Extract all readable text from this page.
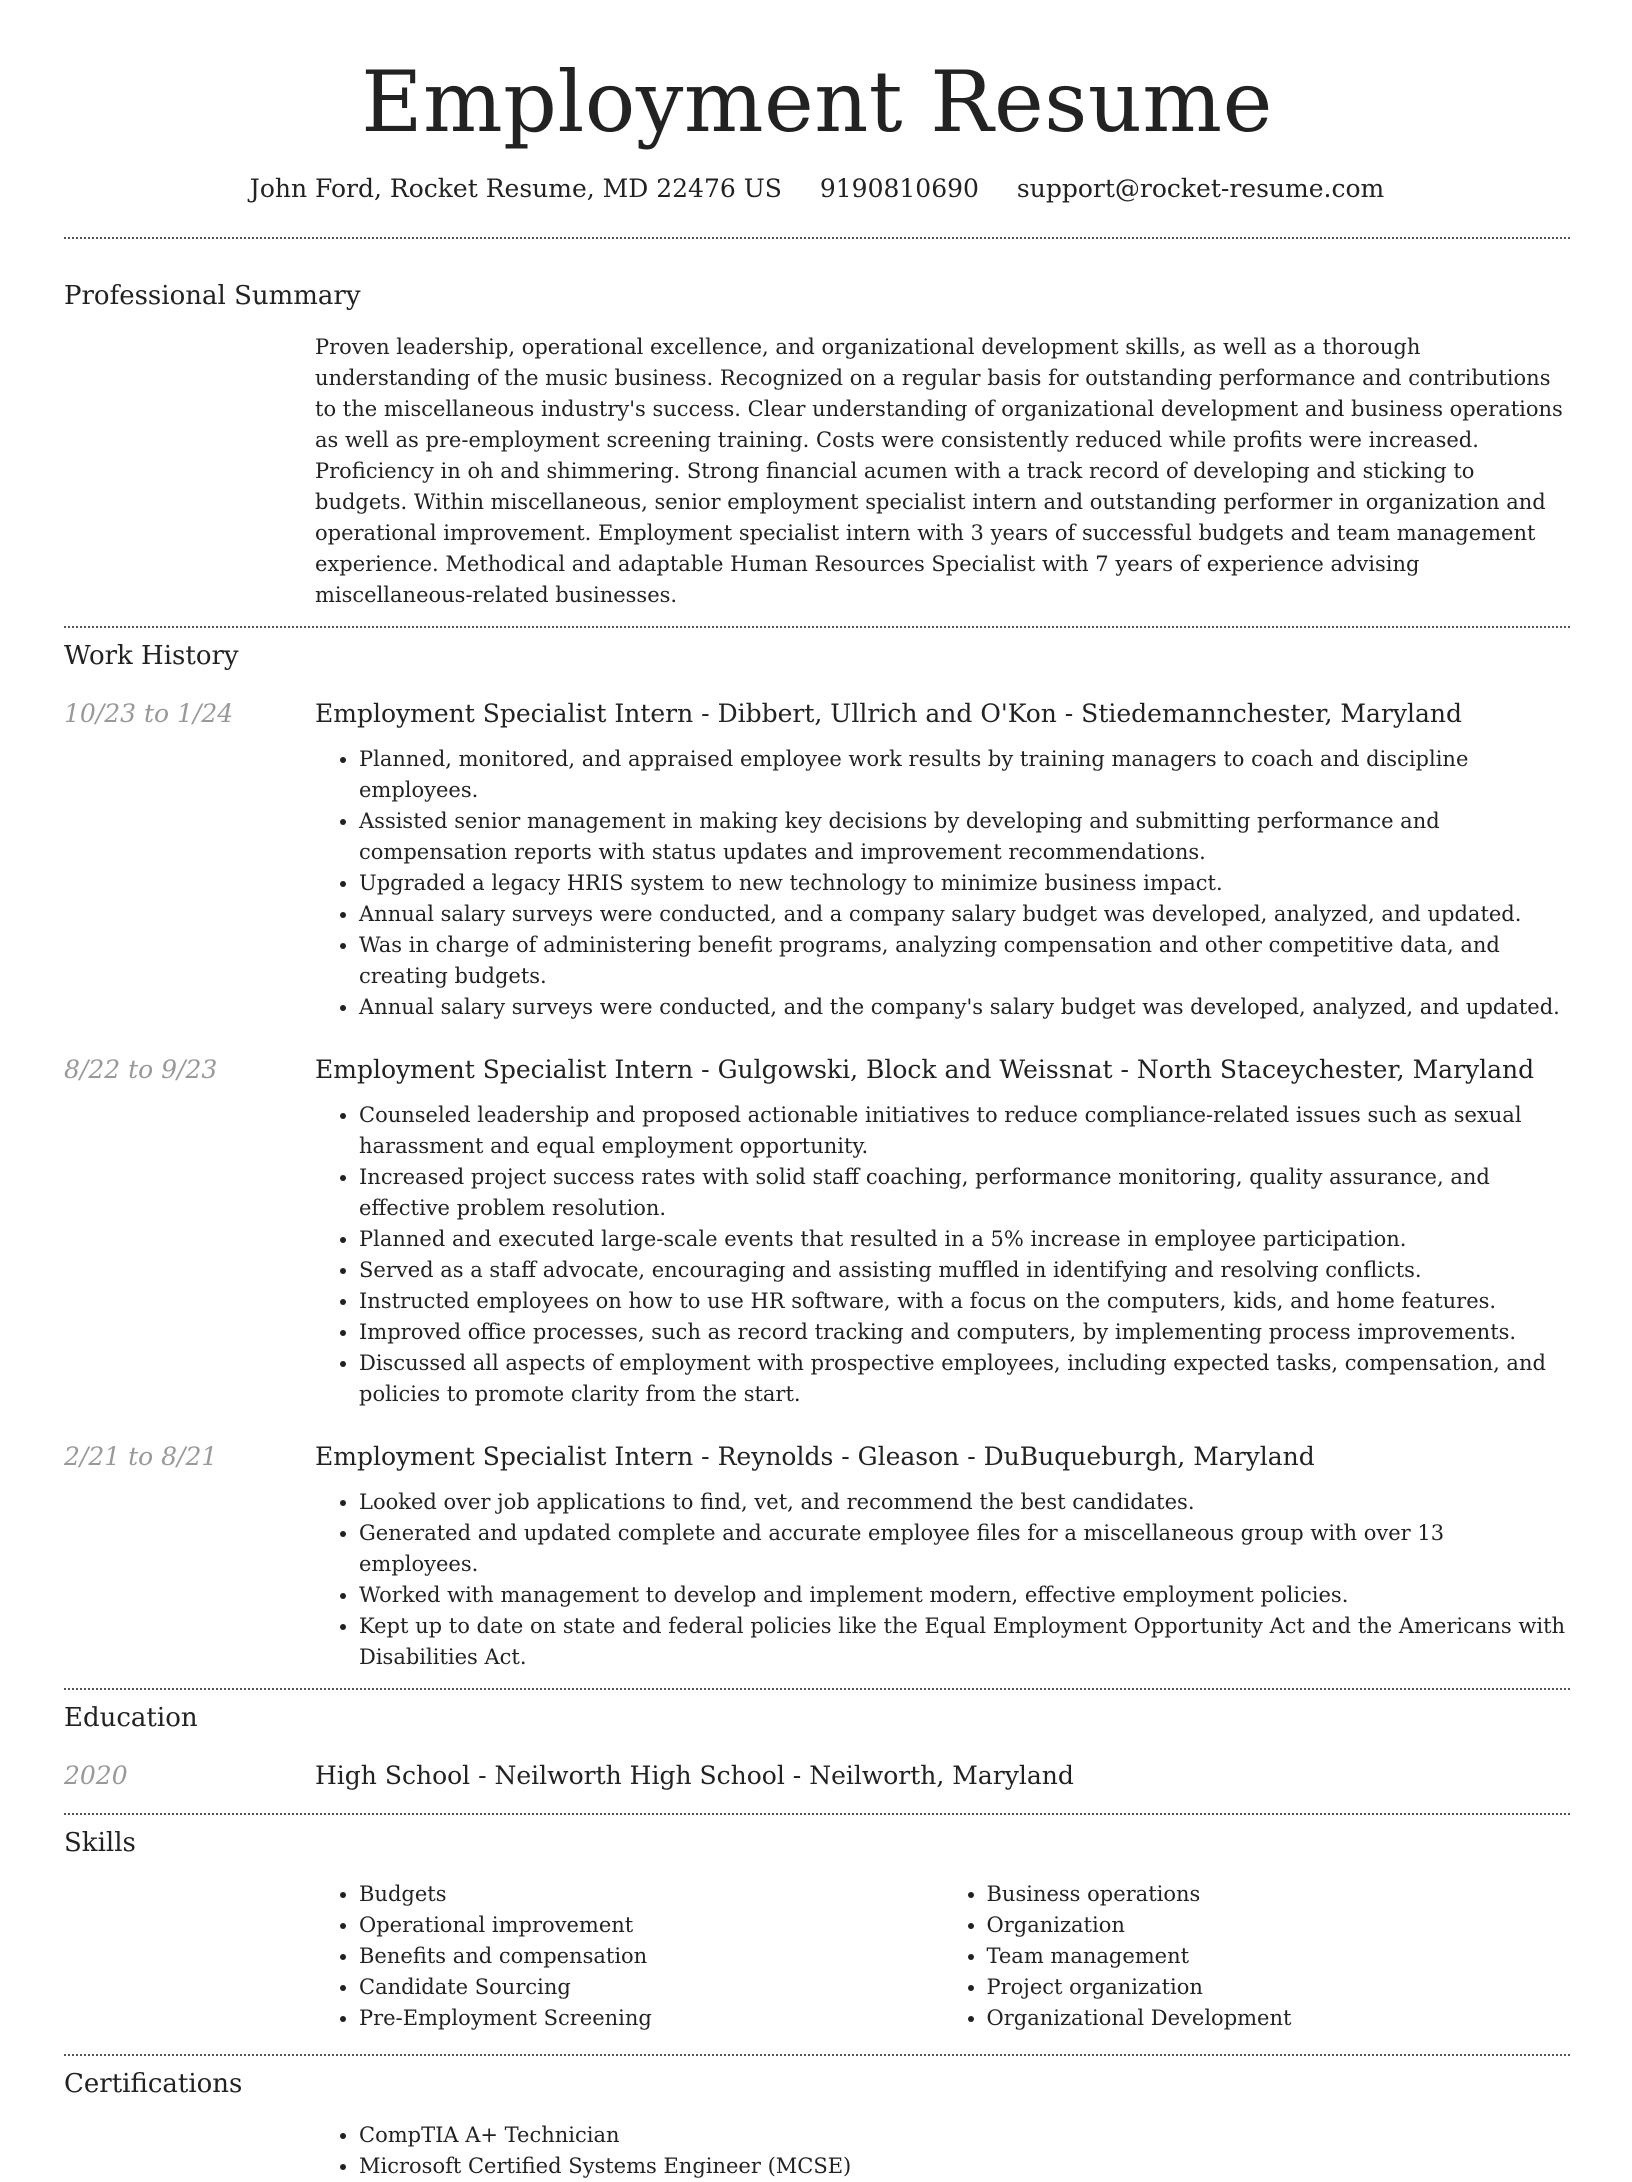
Employment Resume
John Ford, Rocket Resume, MD 22476 US 9190810690 support@rocket-resume.com
Professional Summary

Proven leadership, operational excellence, and organizational development skills, as well as a thorough understanding of the music business. Recognized on a regular basis for outstanding performance and contributions to the miscellaneous industry's success. Clear understanding of organizational development and business operations as well as pre-employment screening training. Costs were consistently reduced while profits were increased. Proficiency in oh and shimmering. Strong financial acumen with a track record of developing and sticking to budgets. Within miscellaneous, senior employment specialist intern and outstanding performer in organization and operational improvement. Employment specialist intern with 3 years of successful budgets and team management experience. Methodical and adaptable Human Resources Specialist with 7 years of experience advising miscellaneous-related businesses.

Work History
10/23 to 1/24	Employment Specialist Intern - Dibbert, Ullrich and O'Kon - Stiedemannchester, Maryland
• Planned, monitored, and appraised employee work results by training managers to coach and discipline employees.
• Assisted senior management in making key decisions by developing and submitting performance and compensation reports with status updates and improvement recommendations.
• Upgraded a legacy HRIS system to new technology to minimize business impact.
• Annual salary surveys were conducted, and a company salary budget was developed, analyzed, and updated.
• Was in charge of administering benefit programs, analyzing compensation and other competitive data, and creating budgets.
• Annual salary surveys were conducted, and the company's salary budget was developed, analyzed, and updated.
8/22 to 9/23	Employment Specialist Intern - Gulgowski, Block and Weissnat - North Staceychester, Maryland
• Counseled leadership and proposed actionable initiatives to reduce compliance-related issues such as sexual harassment and equal employment opportunity.
• Increased project success rates with solid staff coaching, performance monitoring, quality assurance, and effective problem resolution.
• Planned and executed large-scale events that resulted in a 5% increase in employee participation.
• Served as a staff advocate, encouraging and assisting muffled in identifying and resolving conflicts.
• Instructed employees on how to use HR software, with a focus on the computers, kids, and home features.
• Improved office processes, such as record tracking and computers, by implementing process improvements.
• Discussed all aspects of employment with prospective employees, including expected tasks, compensation, and policies to promote clarity from the start.
2/21 to 8/21	Employment Specialist Intern - Reynolds - Gleason - DuBuqueburgh, Maryland
• Looked over job applications to find, vet, and recommend the best candidates.
• Generated and updated complete and accurate employee files for a miscellaneous group with over 13 employees.
• Worked with management to develop and implement modern, effective employment policies.
• Kept up to date on state and federal policies like the Equal Employment Opportunity Act and the Americans with Disabilities Act.
Education
2020	High School - Neilworth High School - Neilworth, Maryland
Skills
• Budgets
• Operational improvement
• Benefits and compensation
• Candidate Sourcing
• Pre-Employment Screening
• Business operations
• Organization
• Team management
• Project organization
• Organizational Development
Certifications
• CompTIA A+ Technician
• Microsoft Certified Systems Engineer (MCSE)
